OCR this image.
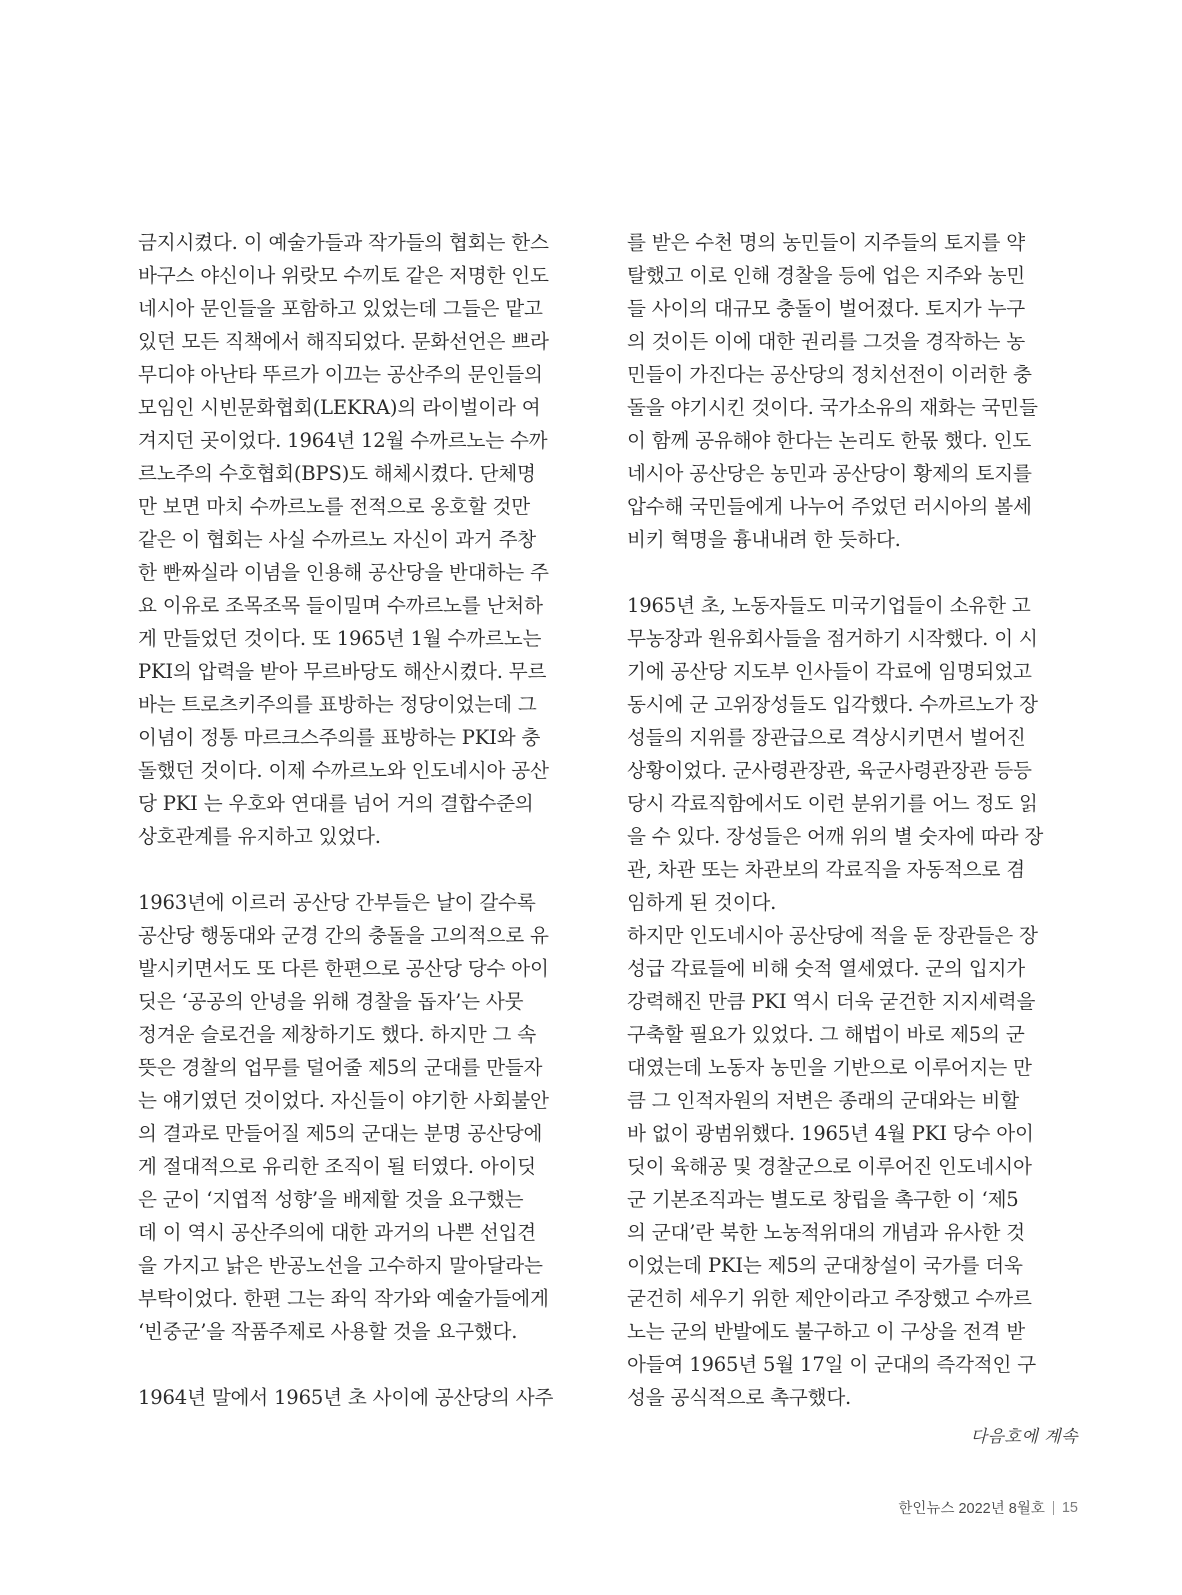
금지시켰다. 이 예술가들과 작가들의 협회는 한스
바구스 야신이나 위랏모 수끼토 같은 저명한 인도
네시아 문인들을 포함하고 있었는데 그들은 맡고
있던 모든 직책에서 해직되었다. 문화선언은 쁘라
무디야 아난타 뚜르가 이끄는 공산주의 문인들의
모임인 시빈문화협회(LEKRA)의 라이벌이라 여
겨지던 곳이었다. 1964년 12월 수까르노는 수까
르노주의 수호협회(BPS)도 해체시켰다. 단체명
만 보면 마치 수까르노를 전적으로 옹호할 것만
같은 이 협회는 사실 수까르노 자신이 과거 주창
한 빤짜실라 이념을 인용해 공산당을 반대하는 주
요 이유로 조목조목 들이밀며 수까르노를 난처하
게 만들었던 것이다. 또 1965년 1월 수까르노는
PKI의 압력을 받아 무르바당도 해산시켰다. 무르
바는 트로츠키주의를 표방하는 정당이었는데 그
이념이 정통 마르크스주의를 표방하는 PKI와 충
돌했던 것이다. 이제 수까르노와 인도네시아 공산
당 PKI 는 우호와 연대를 넘어 거의 결합수준의
상호관계를 유지하고 있었다.

1963년에 이르러 공산당 간부들은 날이 갈수록
공산당 행동대와 군경 간의 충돌을 고의적으로 유
발시키면서도 또 다른 한편으로 공산당 당수 아이
딧은 ‘공공의 안녕을 위해 경찰을 돕자’는 사뭇
정겨운 슬로건을 제창하기도 했다. 하지만 그 속
뜻은 경찰의 업무를 덜어줄 제5의 군대를 만들자
는 얘기였던 것이었다. 자신들이 야기한 사회불안
의 결과로 만들어질 제5의 군대는 분명 공산당에
게 절대적으로 유리한 조직이 될 터였다. 아이딧
은 군이 ‘지엽적 성향’을 배제할 것을 요구했는
데 이 역시 공산주의에 대한 과거의 나쁜 선입견
을 가지고 낡은 반공노선을 고수하지 말아달라는
부탁이었다. 한편 그는 좌익 작가와 예술가들에게
‘빈중군’을 작품주제로 사용할 것을 요구했다.

1964년 말에서 1965년 초 사이에 공산당의 사주

를 받은 수천 명의 농민들이 지주들의 토지를 약
탈했고 이로 인해 경찰을 등에 업은 지주와 농민
들 사이의 대규모 충돌이 벌어졌다. 토지가 누구
의 것이든 이에 대한 권리를 그것을 경작하는 농
민들이 가진다는 공산당의 정치선전이 이러한 충
돌을 야기시킨 것이다. 국가소유의 재화는 국민들
이 함께 공유해야 한다는 논리도 한몫 했다. 인도
네시아 공산당은 농민과 공산당이 황제의 토지를
압수해 국민들에게 나누어 주었던 러시아의 볼세
비키 혁명을 흉내내려 한 듯하다.

1965년 초, 노동자들도 미국기업들이 소유한 고
무농장과 원유회사들을 점거하기 시작했다. 이 시
기에 공산당 지도부 인사들이 각료에 임명되었고
동시에 군 고위장성들도 입각했다. 수까르노가 장
성들의 지위를 장관급으로 격상시키면서 벌어진
상황이었다. 군사령관장관, 육군사령관장관 등등
당시 각료직함에서도 이런 분위기를 어느 정도 읽
을 수 있다. 장성들은 어깨 위의 별 숫자에 따라 장
관, 차관 또는 차관보의 각료직을 자동적으로 겸
임하게 된 것이다.

하지만 인도네시아 공산당에 적을 둔 장관들은 장
성급 각료들에 비해 숫적 열세였다. 군의 입지가
강력해진 만큼 PKI 역시 더욱 굳건한 지지세력을
구축할 필요가 있었다. 그 해법이 바로 제5의 군
대였는데 노동자 농민을 기반으로 이루어지는 만
큼 그 인적자원의 저변은 종래의 군대와는 비할
바 없이 광범위했다. 1965년 4월 PKI 당수 아이
딧이 육해공 및 경찰군으로 이루어진 인도네시아
군 기본조직과는 별도로 창립을 촉구한 이 ‘제5
의 군대’란 북한 노농적위대의 개념과 유사한 것
이었는데 PKI는 제5의 군대창설이 국가를 더욱
굳건히 세우기 위한 제안이라고 주장했고 수까르
노는 군의 반발에도 불구하고 이 구상을 전격 받
아들여 1965년 5월 17일 이 군대의 즉각적인 구
성을 공식적으로 촉구했다.

다음호에 계속
한인뉴스 2022년 8월호 15
